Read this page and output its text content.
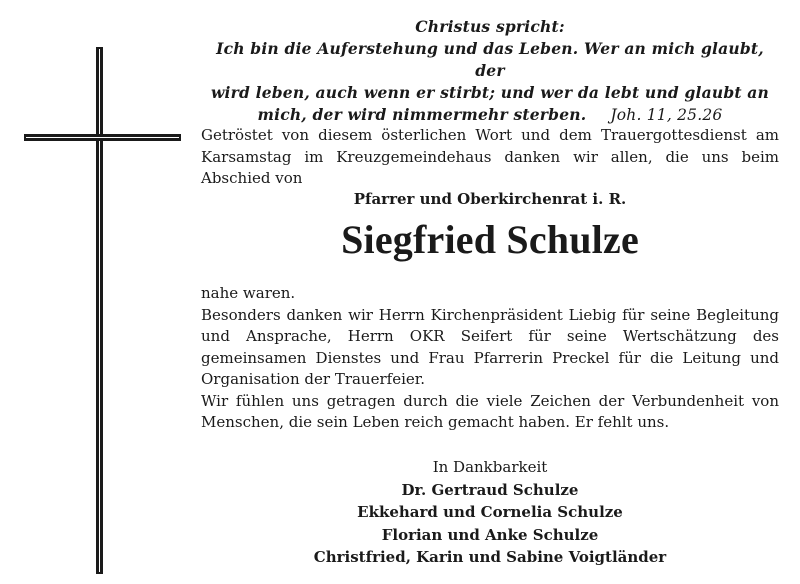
Christus spricht:
Ich bin die Auferstehung und das Leben. Wer an mich glaubt, der
wird leben, auch wenn er stirbt; und wer da lebt und glaubt an
mich, der wird nimmermehr sterben. Joh. 11, 25.26
Getröstet von diesem österlichen Wort und dem Trauergottesdienst am Karsamstag im Kreuzgemeindehaus danken wir allen, die uns beim Abschied von
Pfarrer und Oberkirchenrat i. R.
Siegfried Schulze
nahe waren.
Besonders danken wir Herrn Kirchenpräsident Liebig für seine Begleitung und Ansprache, Herrn OKR Seifert für seine Wertschätzung des gemeinsamen Dienstes und Frau Pfarrerin Preckel für die Leitung und Organisation der Trauerfeier.
Wir fühlen uns getragen durch die viele Zeichen der Verbundenheit von Menschen, die sein Leben reich gemacht haben. Er fehlt uns.
In Dankbarkeit
Dr. Gertraud Schulze
Ekkehard und Cornelia Schulze
Florian und Anke Schulze
Christfried, Karin und Sabine Voigtländer
